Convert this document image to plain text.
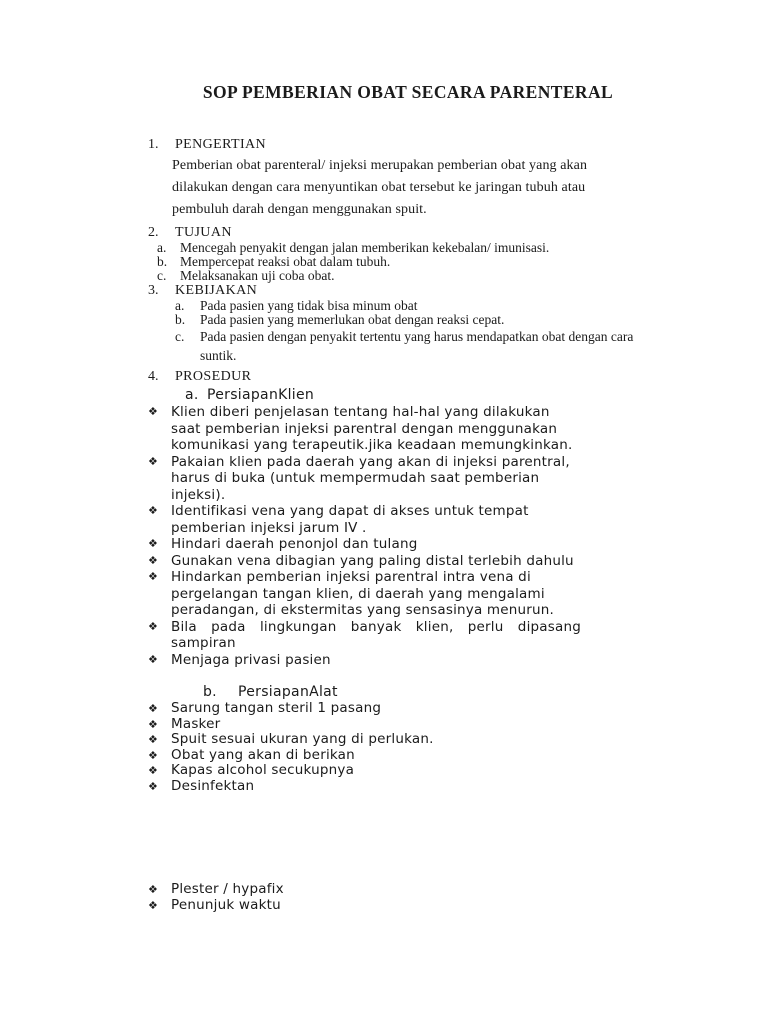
SOP PEMBERIAN OBAT SECARA PARENTERAL
1.	PENGERTIAN

Pemberian obat parenteral/ injeksi merupakan pemberian obat yang akan dilakukan dengan cara menyuntikan obat tersebut ke jaringan tubuh atau pembuluh darah dengan menggunakan spuit.

2.	TUJUAN
a.	Mencegah penyakit dengan jalan memberikan kekebalan/ imunisasi.
b. Mempercepat reaksi obat dalam tubuh.
c.	Melaksanakan uji coba obat.
3.	KEBIJAKAN
a.	Pada pasien yang tidak bisa minum obat
b.	Pada pasien yang memerlukan obat dengan reaksi cepat.
c.	Pada pasien dengan penyakit tertentu yang harus mendapatkan obat dengan cara suntik.
4.	PROSEDUR
a. PersiapanKlien
❖ Klien diberi penjelasan tentang hal-hal yang dilakukan saat pemberian injeksi parentral dengan menggunakan komunikasi yang terapeutik.jika keadaan memungkinkan.
❖ Pakaian klien pada daerah yang akan di injeksi parentral, harus di buka (untuk mempermudah saat pemberian injeksi).
❖ Identifikasi vena yang dapat di akses untuk tempat pemberian injeksi jarum IV .
❖ Hindari daerah penonjol dan tulang
❖ Gunakan vena dibagian yang paling distal terlebih dahulu
❖ Hindarkan pemberian injeksi parentral intra vena di pergelangan tangan klien, di daerah yang mengalami peradangan, di ekstermitas yang sensasinya menurun.
❖ Bila pada lingkungan banyak klien, perlu dipasang sampiran
❖ Menjaga privasi pasien
b.	PersiapanAlat
❖ Sarung tangan steril 1 pasang
❖ Masker
❖ Spuit sesuai ukuran yang di perlukan.
❖ Obat yang akan di berikan
❖ Kapas alcohol secukupnya
❖ Desinfektan
❖ Plester / hypafix
❖ Penunjuk waktu
